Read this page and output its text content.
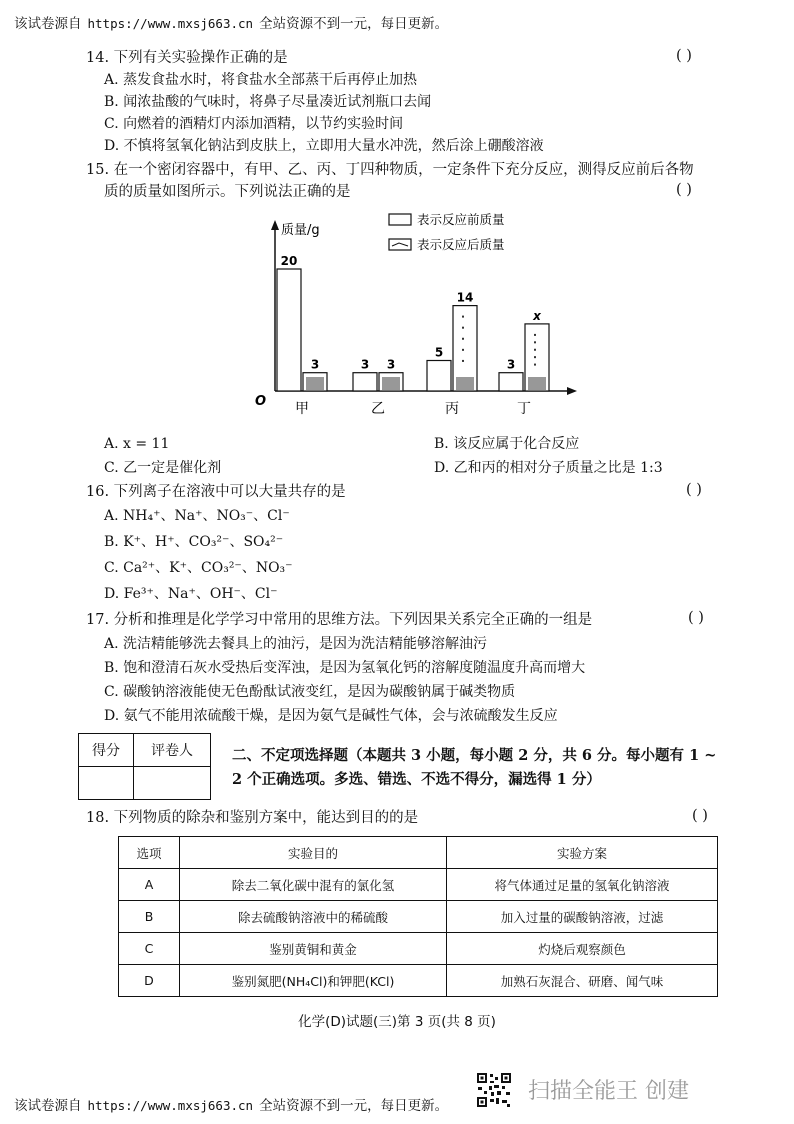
该试卷源自 https://www.mxsj663.cn 全站资源不到一元，每日更新。
14. 下列有关实验操作正确的是	( )
A. 蒸发食盐水时，将食盐水全部蒸干后再停止加热
B. 闻浓盐酸的气味时，将鼻子尽量凑近试剂瓶口去闻
C. 向燃着的酒精灯内添加酒精，以节约实验时间
D. 不慎将氢氧化钠沾到皮肤上，立即用大量水冲洗，然后涂上硼酸溶液
15. 在一个密闭容器中，有甲、乙、丙、丁四种物质，一定条件下充分反应，测得反应前后各物
质的质量如图所示。下列说法正确的是	( )
质量/g
O
20
3
甲
3 3
乙
5
14
丙
3
x
丁
表示反应前质量
表示反应后质量
A. x = 11	B. 该反应属于化合反应
C. 乙一定是催化剂	D. 乙和丙的相对分子质量之比是 1:3
16. 下列离子在溶液中可以大量共存的是	( )
A. NH₄⁺、Na⁺、NO₃⁻、Cl⁻
B. K⁺、H⁺、CO₃²⁻、SO₄²⁻
C. Ca²⁺、K⁺、CO₃²⁻、NO₃⁻
D. Fe³⁺、Na⁺、OH⁻、Cl⁻
17. 分析和推理是化学学习中常用的思维方法。下列因果关系完全正确的一组是	( )
A. 洗洁精能够洗去餐具上的油污，是因为洗洁精能够溶解油污
B. 饱和澄清石灰水受热后变浑浊，是因为氢氧化钙的溶解度随温度升高而增大
C. 碳酸钠溶液能使无色酚酞试液变红，是因为碳酸钠属于碱类物质
D. 氨气不能用浓硫酸干燥，是因为氨气是碱性气体，会与浓硫酸发生反应
得分	评卷人
		二、不定项选择题（本题共 3 小题，每小题 2 分，共 6 分。每小题有 1 ~
2 个正确选项。多选、错选、不选不得分，漏选得 1 分）
18. 下列物质的除杂和鉴别方案中，能达到目的的是	( )
选项	实验目的	实验方案
A	除去二氧化碳中混有的氯化氢	将气体通过足量的氢氧化钠溶液
B	除去硫酸钠溶液中的稀硫酸	加入过量的碳酸钠溶液，过滤
C	鉴别黄铜和黄金	灼烧后观察颜色
D	鉴别氮肥(NH₄Cl)和钾肥(KCl)	加熟石灰混合、研磨、闻气味
化学(D)试题(三)第 3 页(共 8 页)
该试卷源自 https://www.mxsj663.cn 全站资源不到一元，每日更新。
扫描全能王 创建
